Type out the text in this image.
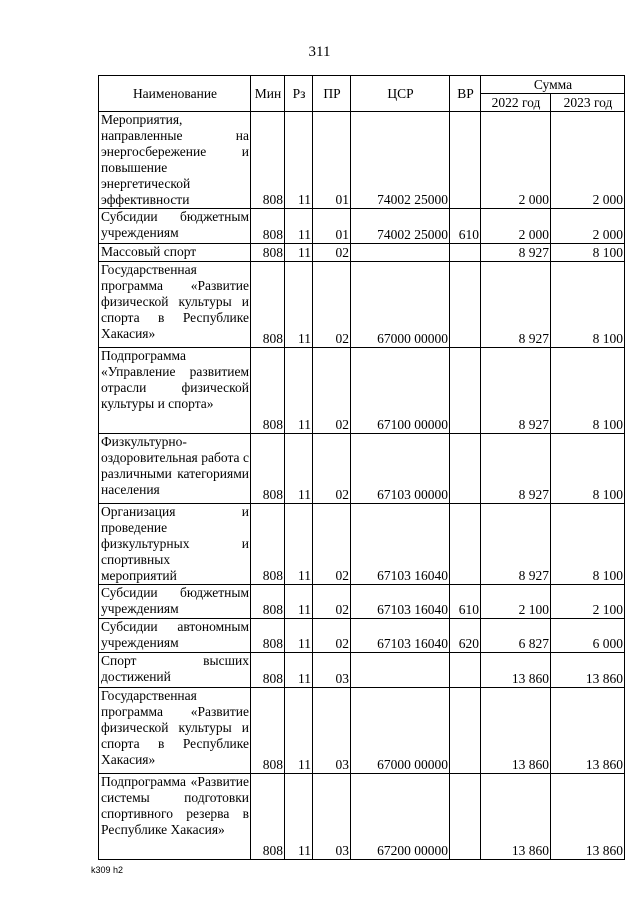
311
Наименование	Мин	Рз	ПР	ЦСР	ВР	Сумма	
						2022 год	2023 год
Мероприятия, направленные на энергосбережение и повышение энергетической эффективности	808	11	01	74002 25000		2 000	2 000
Субсидии бюджетным учреждениям	808	11	01	74002 25000	610	2 000	2 000
Массовый спорт	808	11	02			8 927	8 100
Государственная программа «Развитие физической культуры и спорта в Республике Хакасия»	808	11	02	67000 00000		8 927	8 100
Подпрограмма «Управление развитием отрасли физической культуры и спорта»	808	11	02	67100 00000		8 927	8 100
Физкультурно-оздоровительная работа с различными категориями населения	808	11	02	67103 00000		8 927	8 100
Организация и проведение физкультурных и спортивных мероприятий	808	11	02	67103 16040		8 927	8 100
Субсидии бюджетным учреждениям	808	11	02	67103 16040	610	2 100	2 100
Субсидии автономным учреждениям	808	11	02	67103 16040	620	6 827	6 000
Спорт высших достижений	808	11	03			13 860	13 860
Государственная программа «Развитие физической культуры и спорта в Республике Хакасия»	808	11	03	67000 00000		13 860	13 860
Подпрограмма «Развитие системы подготовки спортивного резерва в Республике Хакасия»	808	11	03	67200 00000		13 860	13 860
k309 h2
